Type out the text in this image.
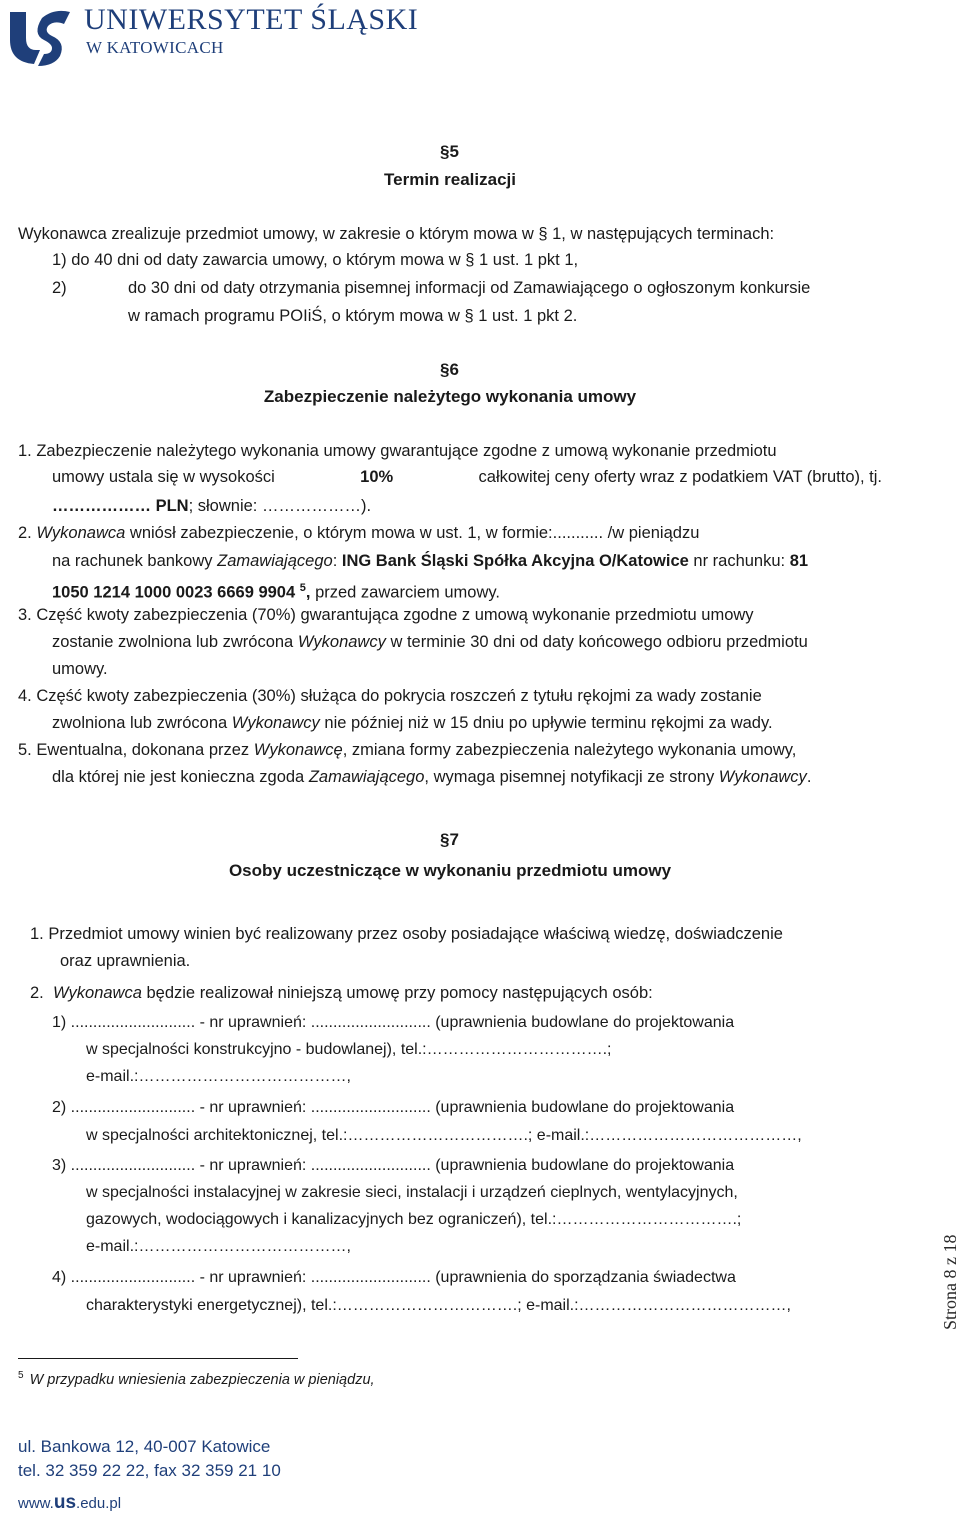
UNIWERSYTET ŚLĄSKI
W KATOWICACH
§5
Termin realizacji
Wykonawca zrealizuje przedmiot umowy, w zakresie o którym mowa w § 1, w następujących terminach:
1) do 40 dni od daty zawarcia umowy, o którym mowa w § 1 ust. 1 pkt 1,
2)	do 30 dni od daty otrzymania pisemnej informacji od Zamawiającego o ogłoszonym konkursie
w ramach programu POIiŚ, o którym mowa w § 1 ust. 1 pkt 2.
§6
Zabezpieczenie należytego wykonania umowy
1. Zabezpieczenie należytego wykonania umowy gwarantujące zgodne z umową wykonanie przedmiotu
umowy ustala się w wysokości	10%	całkowitej ceny oferty wraz z podatkiem VAT (brutto), tj.
……………… PLN; słownie: ………………).
2. Wykonawca wniósł zabezpieczenie, o którym mowa w ust. 1, w formie:........... /w pieniądzu
na rachunek bankowy Zamawiającego: ING Bank Śląski Spółka Akcyjna O/Katowice nr rachunku: 81
1050 1214 1000 0023 6669 9904 $^5$, przed zawarciem umowy.
3. Część kwoty zabezpieczenia (70%) gwarantująca zgodne z umową wykonanie przedmiotu umowy
zostanie zwolniona lub zwrócona Wykonawcy w terminie 30 dni od daty końcowego odbioru przedmiotu
umowy.
4. Część kwoty zabezpieczenia (30%) służąca do pokrycia roszczeń z tytułu rękojmi za wady zostanie
zwolniona lub zwrócona Wykonawcy nie później niż w 15 dniu po upływie terminu rękojmi za wady.
5. Ewentualna, dokonana przez Wykonawcę, zmiana formy zabezpieczenia należytego wykonania umowy,
dla której nie jest konieczna zgoda Zamawiającego, wymaga pisemnej notyfikacji ze strony Wykonawcy.
§7
Osoby uczestniczące w wykonaniu przedmiotu umowy
1. Przedmiot umowy winien być realizowany przez osoby posiadające właściwą wiedzę, doświadczenie
oraz uprawnienia.
2. Wykonawca będzie realizował niniejszą umowę przy pomocy następujących osób:
1) ............................ - nr uprawnień: ........................... (uprawnienia budowlane do projektowania
w specjalności konstrukcyjno - budowlanej), tel.:…………………………….;
e-mail.:…………………………………,
2) ............................ - nr uprawnień: ........................... (uprawnienia budowlane do projektowania
w specjalności architektonicznej, tel.:…………………………….; e-mail.:…………………………………,
3) ............................ - nr uprawnień: ........................... (uprawnienia budowlane do projektowania
w specjalności instalacyjnej w zakresie sieci, instalacji i urządzeń cieplnych, wentylacyjnych,
gazowych, wodociągowych i kanalizacyjnych bez ograniczeń), tel.:…………………………….;
e-mail.:…………………………………,
4) ............................ - nr uprawnień: ........................... (uprawnienia do sporządzania świadectwa
charakterystyki energetycznej), tel.:…………………………….; e-mail.:…………………………………,
$^5$ W przypadku wniesienia zabezpieczenia w pieniądzu,
Strona 8 z 18
ul. Bankowa 12, 40-007 Katowice
tel. 32 359 22 22, fax 32 359 21 10
www.us.edu.pl
